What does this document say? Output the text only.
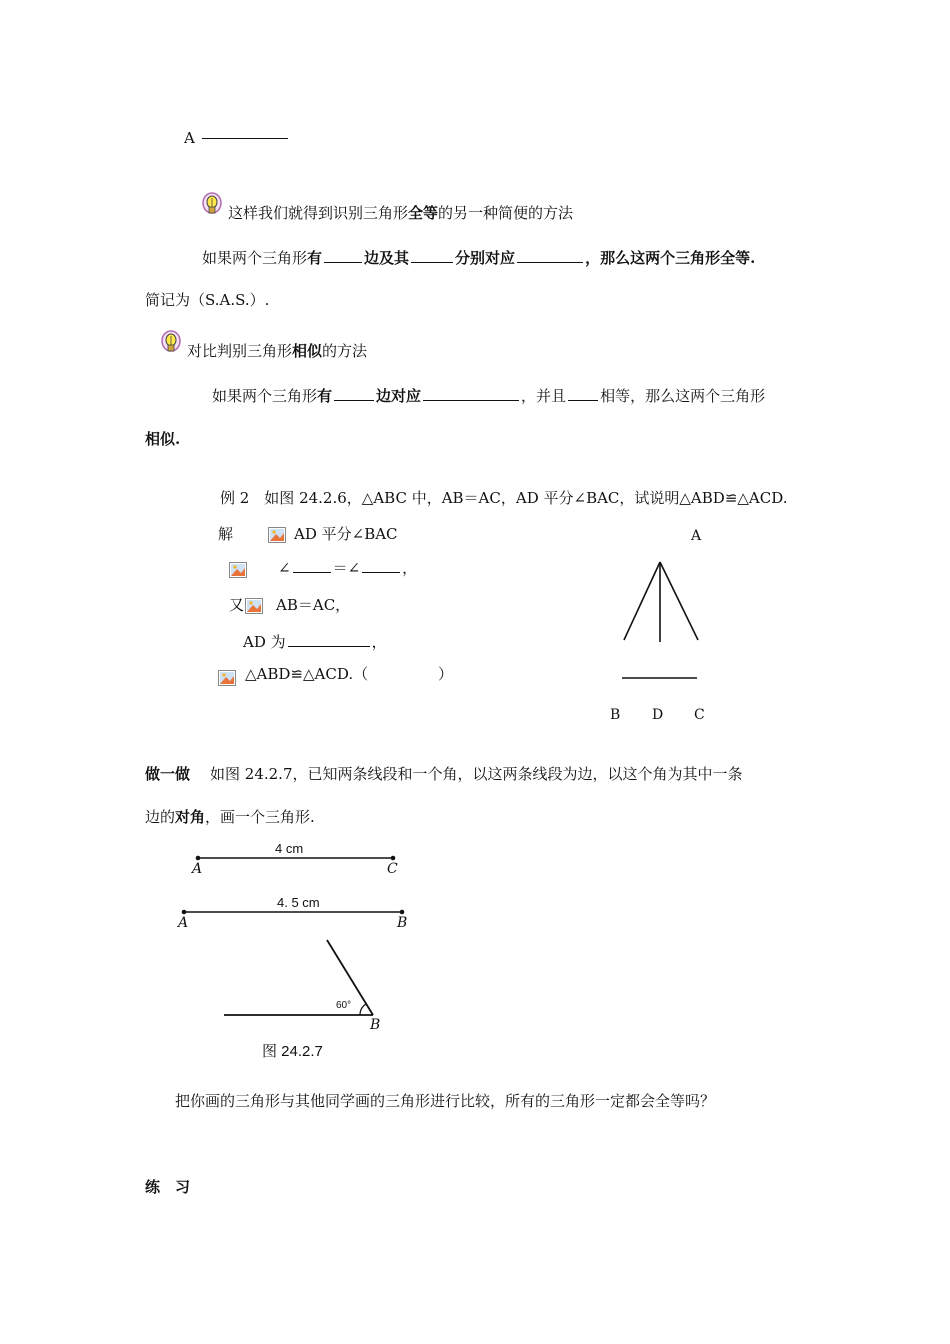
A
这样我们就得到识别三角形全等的另一种简便的方法
如果两个三角形有	边及其	分别对应	，那么这两个三角形全等.
简记为（S.A.S.）.
对比判别三角形相似的方法
如果两个三角形有	边对应	，并且 相等，那么这两个三角形
相似.
例 2　如图 24.2.6，△ABC 中，AB＝AC，AD 平分∠BAC，试说明△ABD≌△ACD.
解	AD 平分∠BAC
∠	＝∠	，
又 AB＝AC，
AD 为	，
△ABD≌△ACD.（	）
A
B D C
做一做 如图 24.2.7，已知两条线段和一个角，以这两条线段为边，以这个角为其中一条
边的对角，画一个三角形.
4 cm
A	C
4. 5 cm
A	B
60°
B
图 24.2.7
把你画的三角形与其他同学画的三角形进行比较，所有的三角形一定都会全等吗？
练　习
